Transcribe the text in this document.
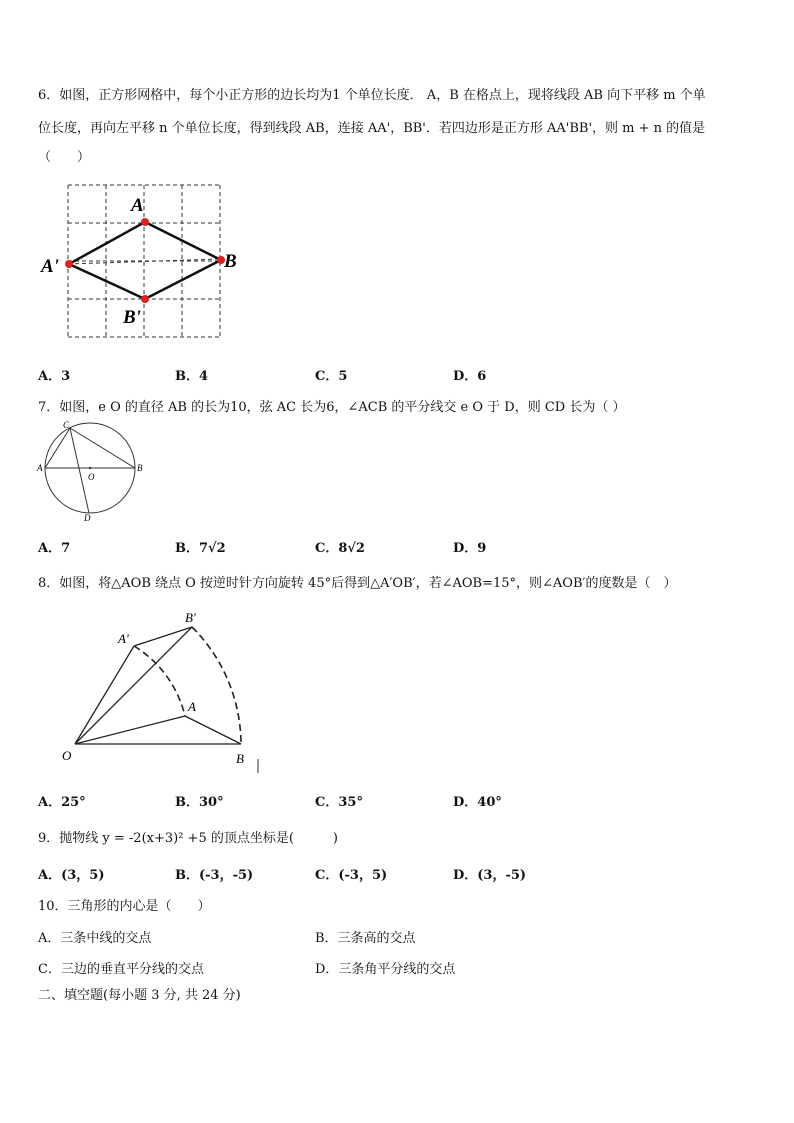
6．如图，正方形网格中，每个小正方形的边长均为1 个单位长度． A，B 在格点上，现将线段 AB 向下平移 m 个单
位长度，再向左平移 n 个单位长度，得到线段 AB，连接 AA'，BB'．若四边形是正方形 AA'BB'，则 m + n 的值是
（　　）
A
B
A'
B'
A．3	B．4	C．5	D．6
7．如图，e O 的直径 AB 的长为10，弦 AC 长为6，∠ACB 的平分线交 e O 于 D，则 CD 长为（ ）
C
A	B
O
D
A．7	B．7√2	C．8√2	D．9
8．如图，将△AOB 绕点 O 按逆时针方向旋转 45°后得到△A′OB′，若∠AOB=15°，则∠AOB′的度数是（　）
O
A
B
A′
B′
A．25°	B．30°	C．35°	D．40°
9．抛物线 y = -2(x+3)² +5 的顶点坐标是(　　　)
A．(3，5)	B．(-3，-5)	C．(-3，5)	D．(3，-5)
10．三角形的内心是（　　）
A．三条中线的交点	B．三条高的交点
C．三边的垂直平分线的交点	D．三条角平分线的交点
二、填空题(每小题 3 分, 共 24 分)
